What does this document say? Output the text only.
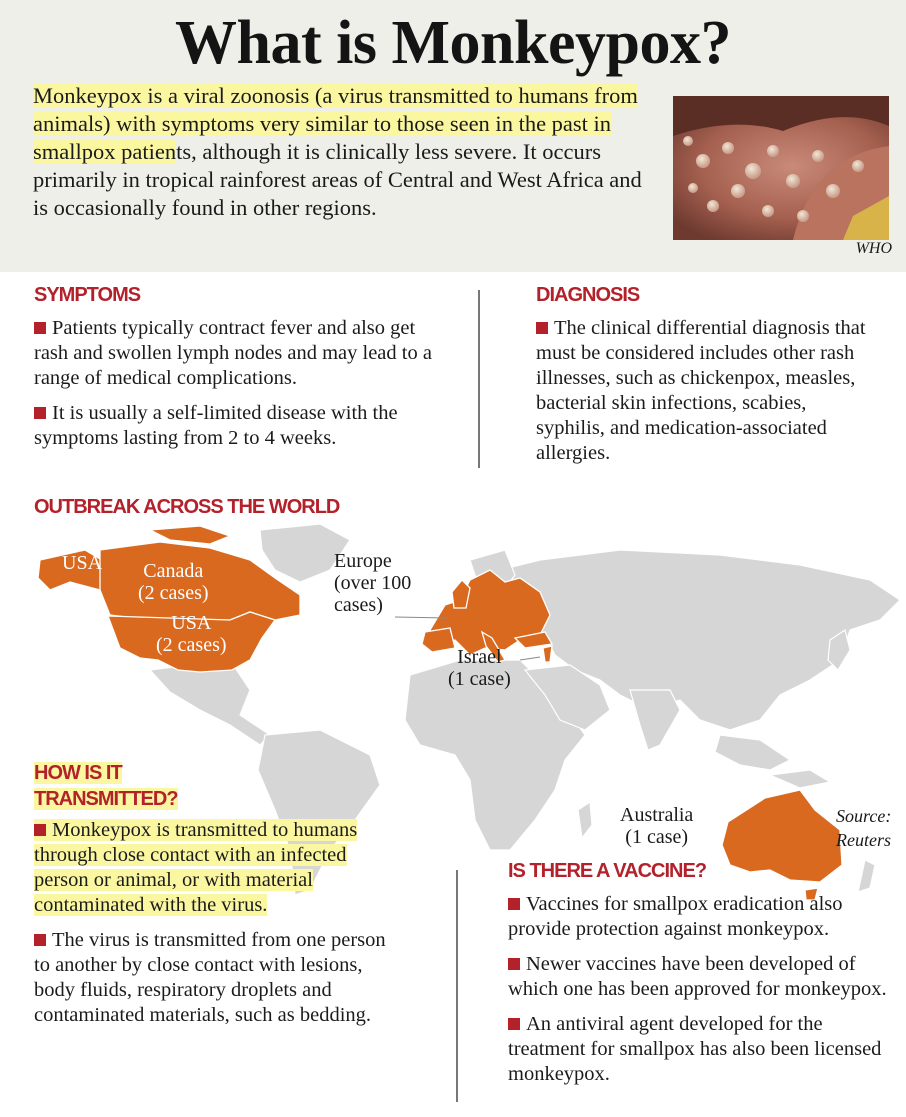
What is Monkeypox?
Monkeypox is a viral zoonosis (a virus transmitted to humans from animals) with symptoms very similar to those seen in the past in smallpox patients, although it is clinically less severe. It occurs primarily in tropical rainforest areas of Central and West Africa and is occasionally found in other regions.
WHO
SYMPTOMS

Patients typically contract fever and also get rash and swollen lymph nodes and may lead to a range of medical complications.

It is usually a self-limited disease with the symptoms lasting from 2 to 4 weeks.

DIAGNOSIS

The clinical differential diagnosis that must be considered includes other rash illnesses, such as chickenpox, measles, bacterial skin infections, scabies, syphilis, and medication-associated allergies.

OUTBREAK ACROSS THE WORLD
USA Canada
(2 cases)
USA
(2 cases)
Europe
(over 100
cases)
Israel
(1 case)
Australia
(1 case)
Source:
Reuters
HOW IS IT
TRANSMITTED?

Monkeypox is transmitted to humans through close contact with an infected person or animal, or with material contaminated with the virus.

The virus is transmitted from one person to another by close contact with lesions, body fluids, respiratory droplets and contaminated materials, such as bedding.

IS THERE A VACCINE?

Vaccines for smallpox eradication also provide protection against monkeypox.

Newer vaccines have been developed of which one has been approved for monkeypox.

An antiviral agent developed for the treatment for smallpox has also been licensed monkeypox.
